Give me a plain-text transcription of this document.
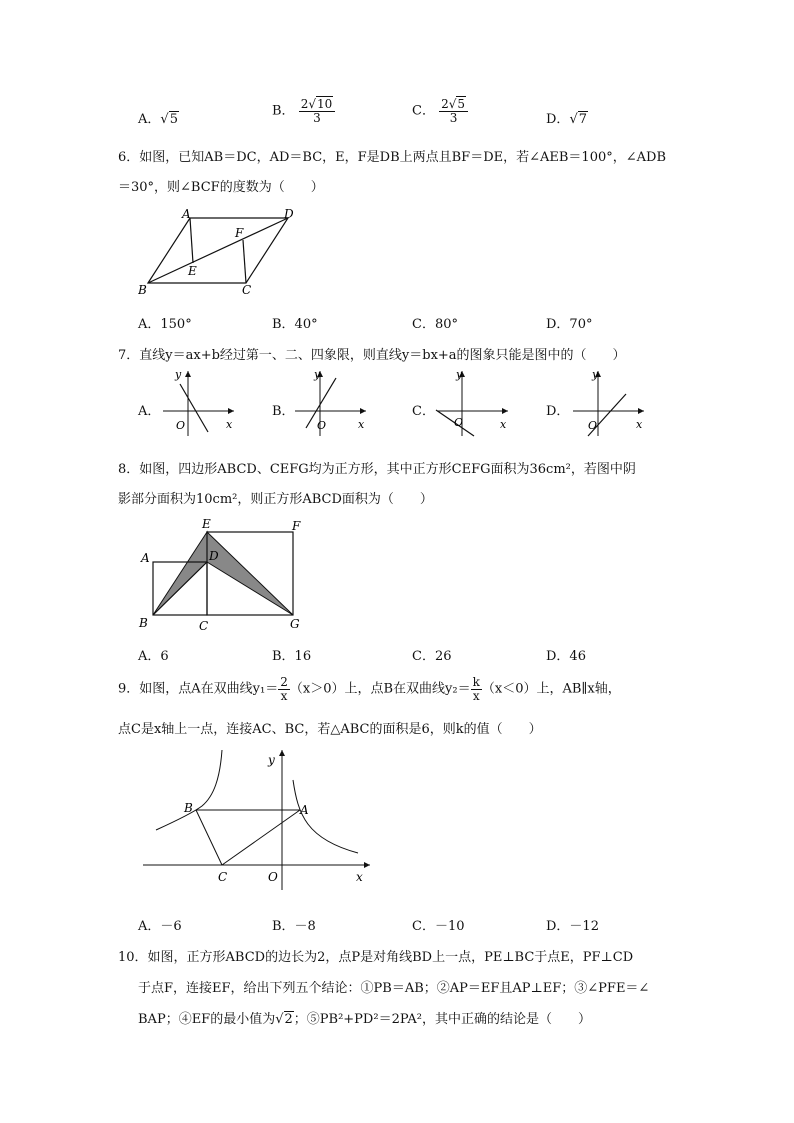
A．√5
B． $\frac{2√10}{3}$	C． $\frac{2√5}{3}$	D．√7
6．如图，已知AB＝DC，AD＝BC，E，F是DB上两点且BF＝DE，若∠AEB＝100°，∠ADB
＝30°，则∠BCF的度数为（　　）
A	D
F
E
B	C
A．150°	B．40°	C．80°	D．70°
7．直线y＝ax+b经过第一、二、四象限，则直线y＝bx+a的图象只能是图中的（　　）
A．
y
x
O
B．
y
x
O
C．
y
x
O
D．
y
x
O
8．如图，四边形ABCD、CEFG均为正方形，其中正方形CEFG面积为36cm²，若图中阴
影部分面积为10cm²，则正方形ABCD面积为（　　）
E	F
D
A
B	C	G
A．6	B．16	C．26	D．46
9．如图，点A在双曲线$y_1= \frac{2}{x} (x>0)$上，点B在双曲线$y_2= \frac{k}{x} (x<0)$上，AB∥x轴，
点C是x轴上一点，连接AC、BC，若△ABC的面积是6，则k的值（　　）
y
B	A
C	O	x
A．－6	B．－8	C．－10	D．－12
10．如图，正方形ABCD的边长为2，点P是对角线BD上一点，PE⊥BC于点E，PF⊥CD
于点F，连接EF，给出下列五个结论：①PB＝AB；②AP＝EF且AP⊥EF；③∠PFE＝∠
BAP；④EF的最小值为√2；⑤PB²+PD²＝2PA²，其中正确的结论是（　　）
